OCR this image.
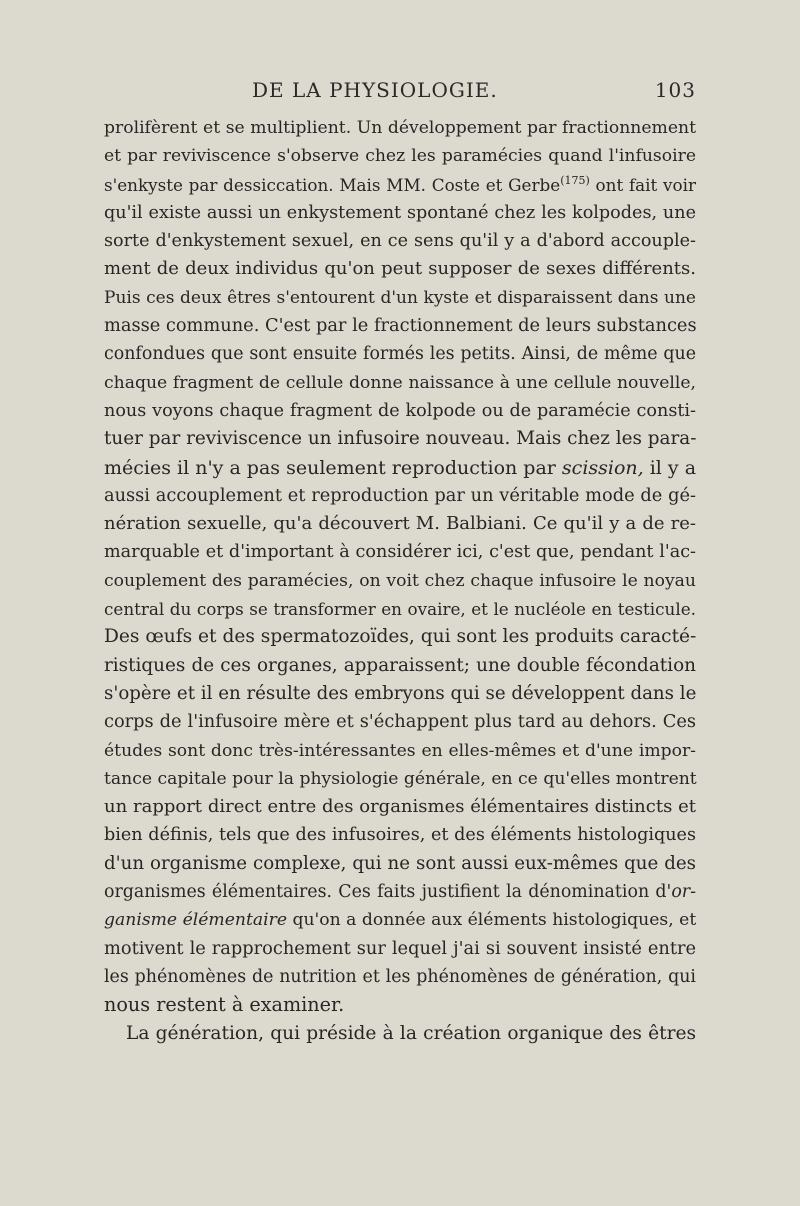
DE LA PHYSIOLOGIE.	103
prolifèrent et se multiplient. Un développement par fractionnement
et par reviviscence s'observe chez les paramécies quand l'infusoire
s'enkyste par dessiccation. Mais MM. Coste et Gerbe$^{(175)}$ ont fait voir
qu'il existe aussi un enkystement spontané chez les kolpodes, une
sorte d'enkystement sexuel, en ce sens qu'il y a d'abord accouple-
ment de deux individus qu'on peut supposer de sexes différents.
Puis ces deux êtres s'entourent d'un kyste et disparaissent dans une
masse commune. C'est par le fractionnement de leurs substances
confondues que sont ensuite formés les petits. Ainsi, de même que
chaque fragment de cellule donne naissance à une cellule nouvelle,
nous voyons chaque fragment de kolpode ou de paramécie consti-
tuer par reviviscence un infusoire nouveau. Mais chez les para-
mécies il n'y a pas seulement reproduction par scission, il y a
aussi accouplement et reproduction par un véritable mode de gé-
nération sexuelle, qu'a découvert M. Balbiani. Ce qu'il y a de re-
marquable et d'important à considérer ici, c'est que, pendant l'ac-
couplement des paramécies, on voit chez chaque infusoire le noyau
central du corps se transformer en ovaire, et le nucléole en testicule.
Des œufs et des spermatozoïdes, qui sont les produits caracté-
ristiques de ces organes, apparaissent; une double fécondation
s'opère et il en résulte des embryons qui se développent dans le
corps de l'infusoire mère et s'échappent plus tard au dehors. Ces
études sont donc très-intéressantes en elles-mêmes et d'une impor-
tance capitale pour la physiologie générale, en ce qu'elles montrent
un rapport direct entre des organismes élémentaires distincts et
bien définis, tels que des infusoires, et des éléments histologiques
d'un organisme complexe, qui ne sont aussi eux-mêmes que des
organismes élémentaires. Ces faits justifient la dénomination d'or-
ganisme élémentaire qu'on a donnée aux éléments histologiques, et
motivent le rapprochement sur lequel j'ai si souvent insisté entre
les phénomènes de nutrition et les phénomènes de génération, qui
nous restent à examiner.
La génération, qui préside à la création organique des êtres
